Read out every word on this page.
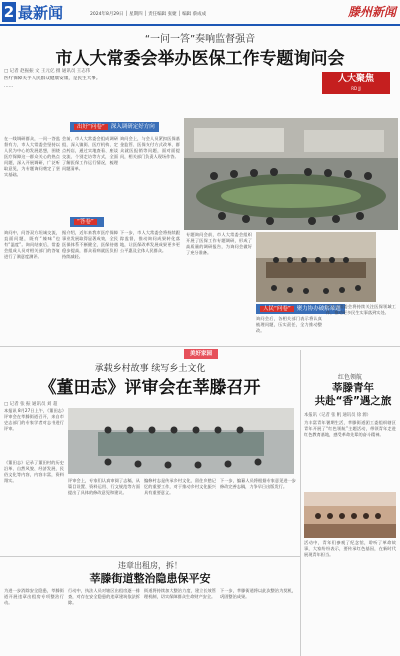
2 最新闻	2024年8月29日 │ 星期四 │ 责任编辑 张婕 │ 编辑 蔡成成	滕州新闻
“一问一答”奏响监督强音
市人大常委会举办医保工作专题询问会
□ 记者 赵振振 文 王元亿 摄 通讯员 王志伟

医疗保障关乎人民群众健康安康，是民生大事。

……

人大聚焦
RD JJ
出好“问卷” 深入调研定好方向
在一线调研群众，一问一答监督有力，市人大常委会坚持以人民为中心的发展思想，围绕医疗保障这一群众关心的热点问题，深入开展调研，广泛听取意见，为专题询问奠定了坚实基础。
会前，市人大常委会组成调研组，深入镇街、医疗机构、定点药店，通过实地查看、座谈交流、个别走访等方式，全面了解医保工作运行情况，梳理问题清单。
询问会上，与会人员紧扣医保基金监管、医保支付方式改革、群众就医报销等问题，面对面提问，相关部门负责人现场作答。
“答卷”
询问中，问答双方坦诚交流，直面问题，既有“辣味”也有“温度”。询问结束后，常委会组成人员对相关部门的答复进行了满意度测评。
据介绍，近年来我市医疗保障事业发展取得显著成效，全民医保体系不断健全，医保待遇稳步提高，群众看病就医负担持续减轻。
下一步，市人大常委会将持续跟踪监督，推动询问成果转化落地，让医保改革发展成果更多更公平惠及全体人民群众。
专题询问会前，市人大常委会组织开展了医保工作专题调研，形成了高质量的调研报告，为询问会做好了充分准备。
人民“问卷” 聚力协办破解难题
询问会后，各相关部门表示将认真梳理问题，压实责任，全力推动整改。
市人大常委会将持续关注医保领域工作，推动更多民生实事落到实处。
美好家园
承载乡村故事 续写乡土文化
《董田志》评审会在莘滕召开
□ 记者 张 振 通讯员 刘 超
本报讯 8月27日上午，《董田志》评审会在莘滕街道召开，来自市史志部门的专家学者对志书进行评审。
《董田志》记录了董田村的历史沿革、自然风貌、经济发展、民俗文化等内容，内容丰富，资料翔实。	评审会上，专家们认真审阅了志稿，从篇目设置、资料运用、行文规范等方面提出了具体的修改意见和建议。
编修村志是传承乡村文化、留住乡愁记忆的重要工作，对于推动乡村文化振兴具有重要意义。
下一步，编纂人员将根据专家意见进一步修改完善志稿，力争早日出版发行。
红色领航
莘滕青年
共赴“香”遇之旅
本报讯（记者 张 帆 通讯员 徐 源）
为丰富青年暑期生活，莘滕街道团工委组织辖区青年开展了“红色领航”主题活动，带领青年走进红色教育基地，感受革命先辈的奋斗精神。
活动中，青年们参观了纪念馆，聆听了革命故事，大家纷纷表示，要传承红色基因，在新时代展现青年担当。
违章出租房，拆！
莘滕街道整治隐患保平安
为进一步消除安全隐患，莘滕街道开展违章出租房专项整治行动。
行动中，执法人员对辖区出租房逐一排查，对存在安全隐患的违章建筑依法拆除。
街道将持续加大整治力度，建立长效管理机制，切实保障群众生命财产安全。
下一步，莘滕街道将以此次整治为契机，巩固整治成果。
